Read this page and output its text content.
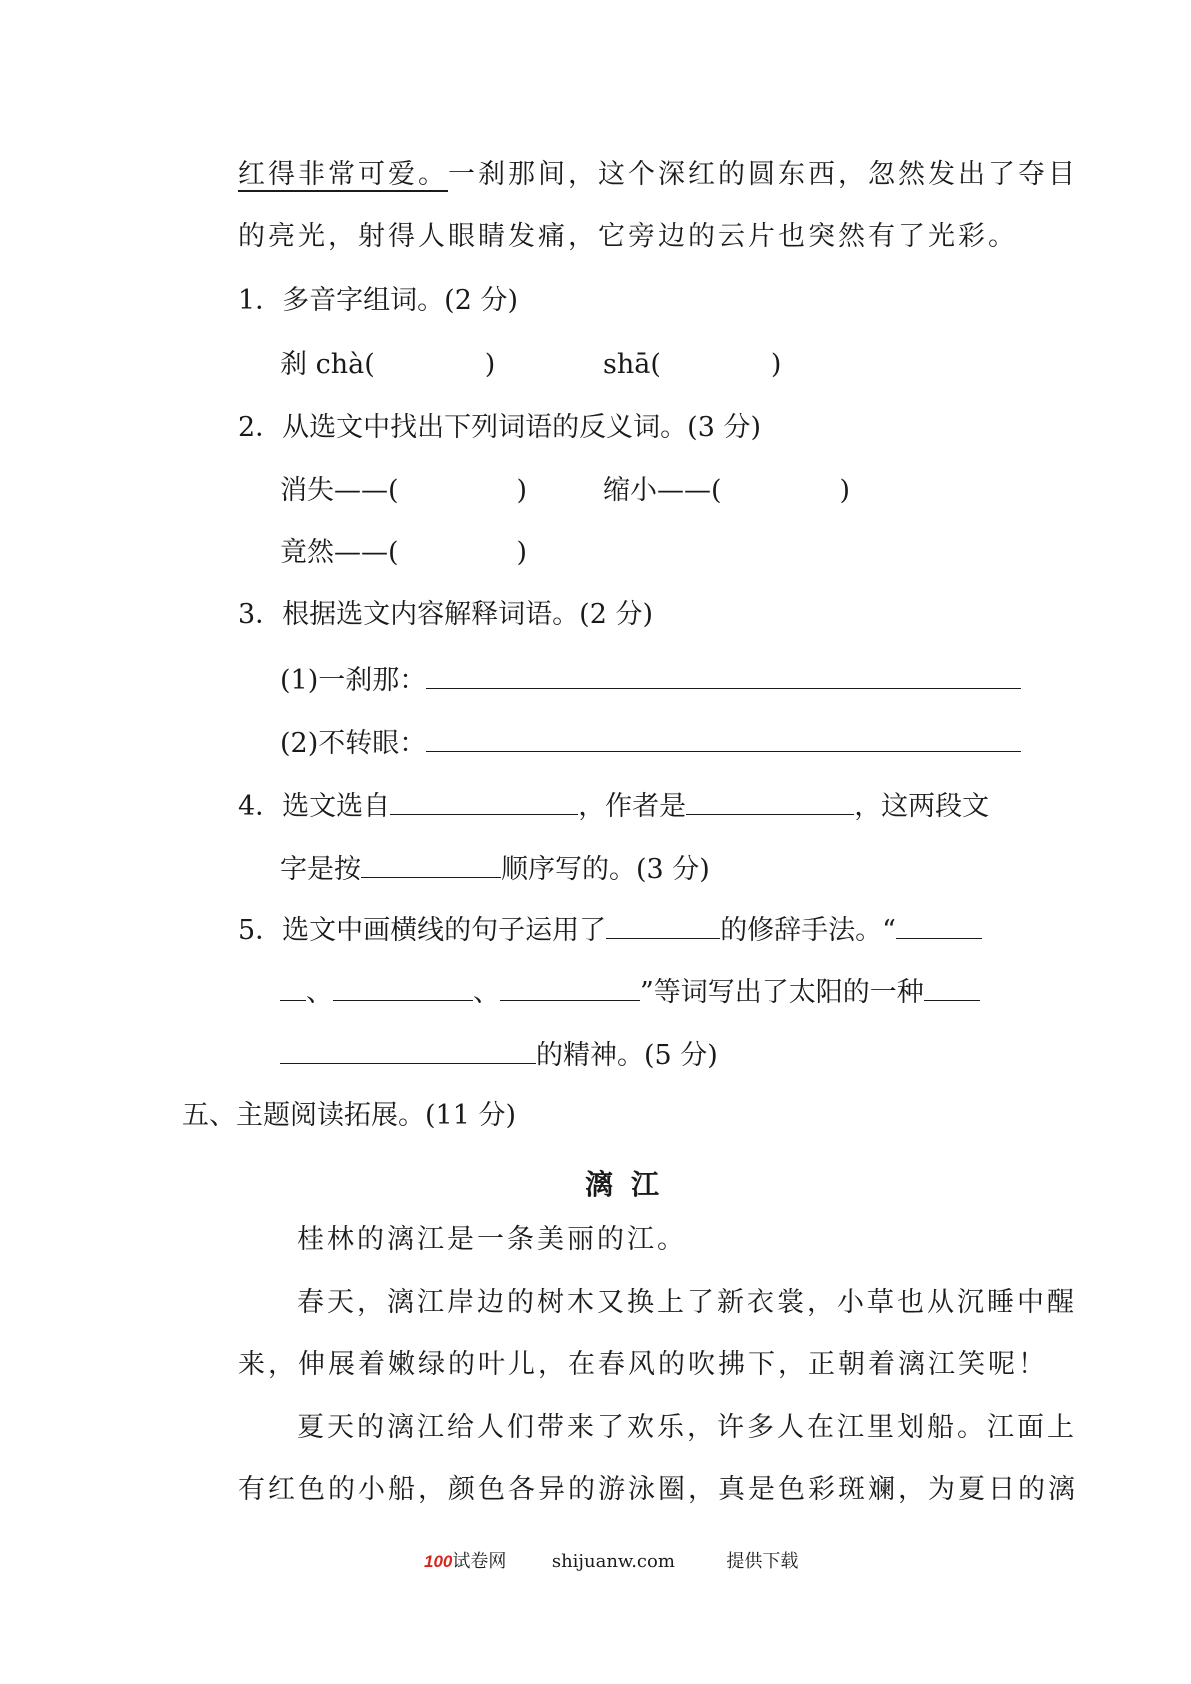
红得非常可爱。一刹那间，这个深红的圆东西，忽然发出了夺目
的亮光，射得人眼睛发痛，它旁边的云片也突然有了光彩。
1．多音字组词。(2 分)
刹 chà(	)	shā(	)
2．从选文中找出下列词语的反义词。(3 分)
消失——(	)	缩小——(	)
竟然——(	)
3．根据选文内容解释词语。(2 分)
(1)一刹那：
(2)不转眼：
4．选文选自	，作者是	，这两段文
字是按	顺序写的。(3 分)
5．选文中画横线的句子运用了	的修辞手法。“
、	、	”等词写出了太阳的一种
的精神。(5 分)
五、主题阅读拓展。(11 分)
漓江
桂林的漓江是一条美丽的江。
春天，漓江岸边的树木又换上了新衣裳，小草也从沉睡中醒
来，伸展着嫩绿的叶儿，在春风的吹拂下，正朝着漓江笑呢！
夏天的漓江给人们带来了欢乐，许多人在江里划船。江面上
有红色的小船，颜色各异的游泳圈，真是色彩斑斓，为夏日的漓
100试卷网	shijuanw.com	提供下载
